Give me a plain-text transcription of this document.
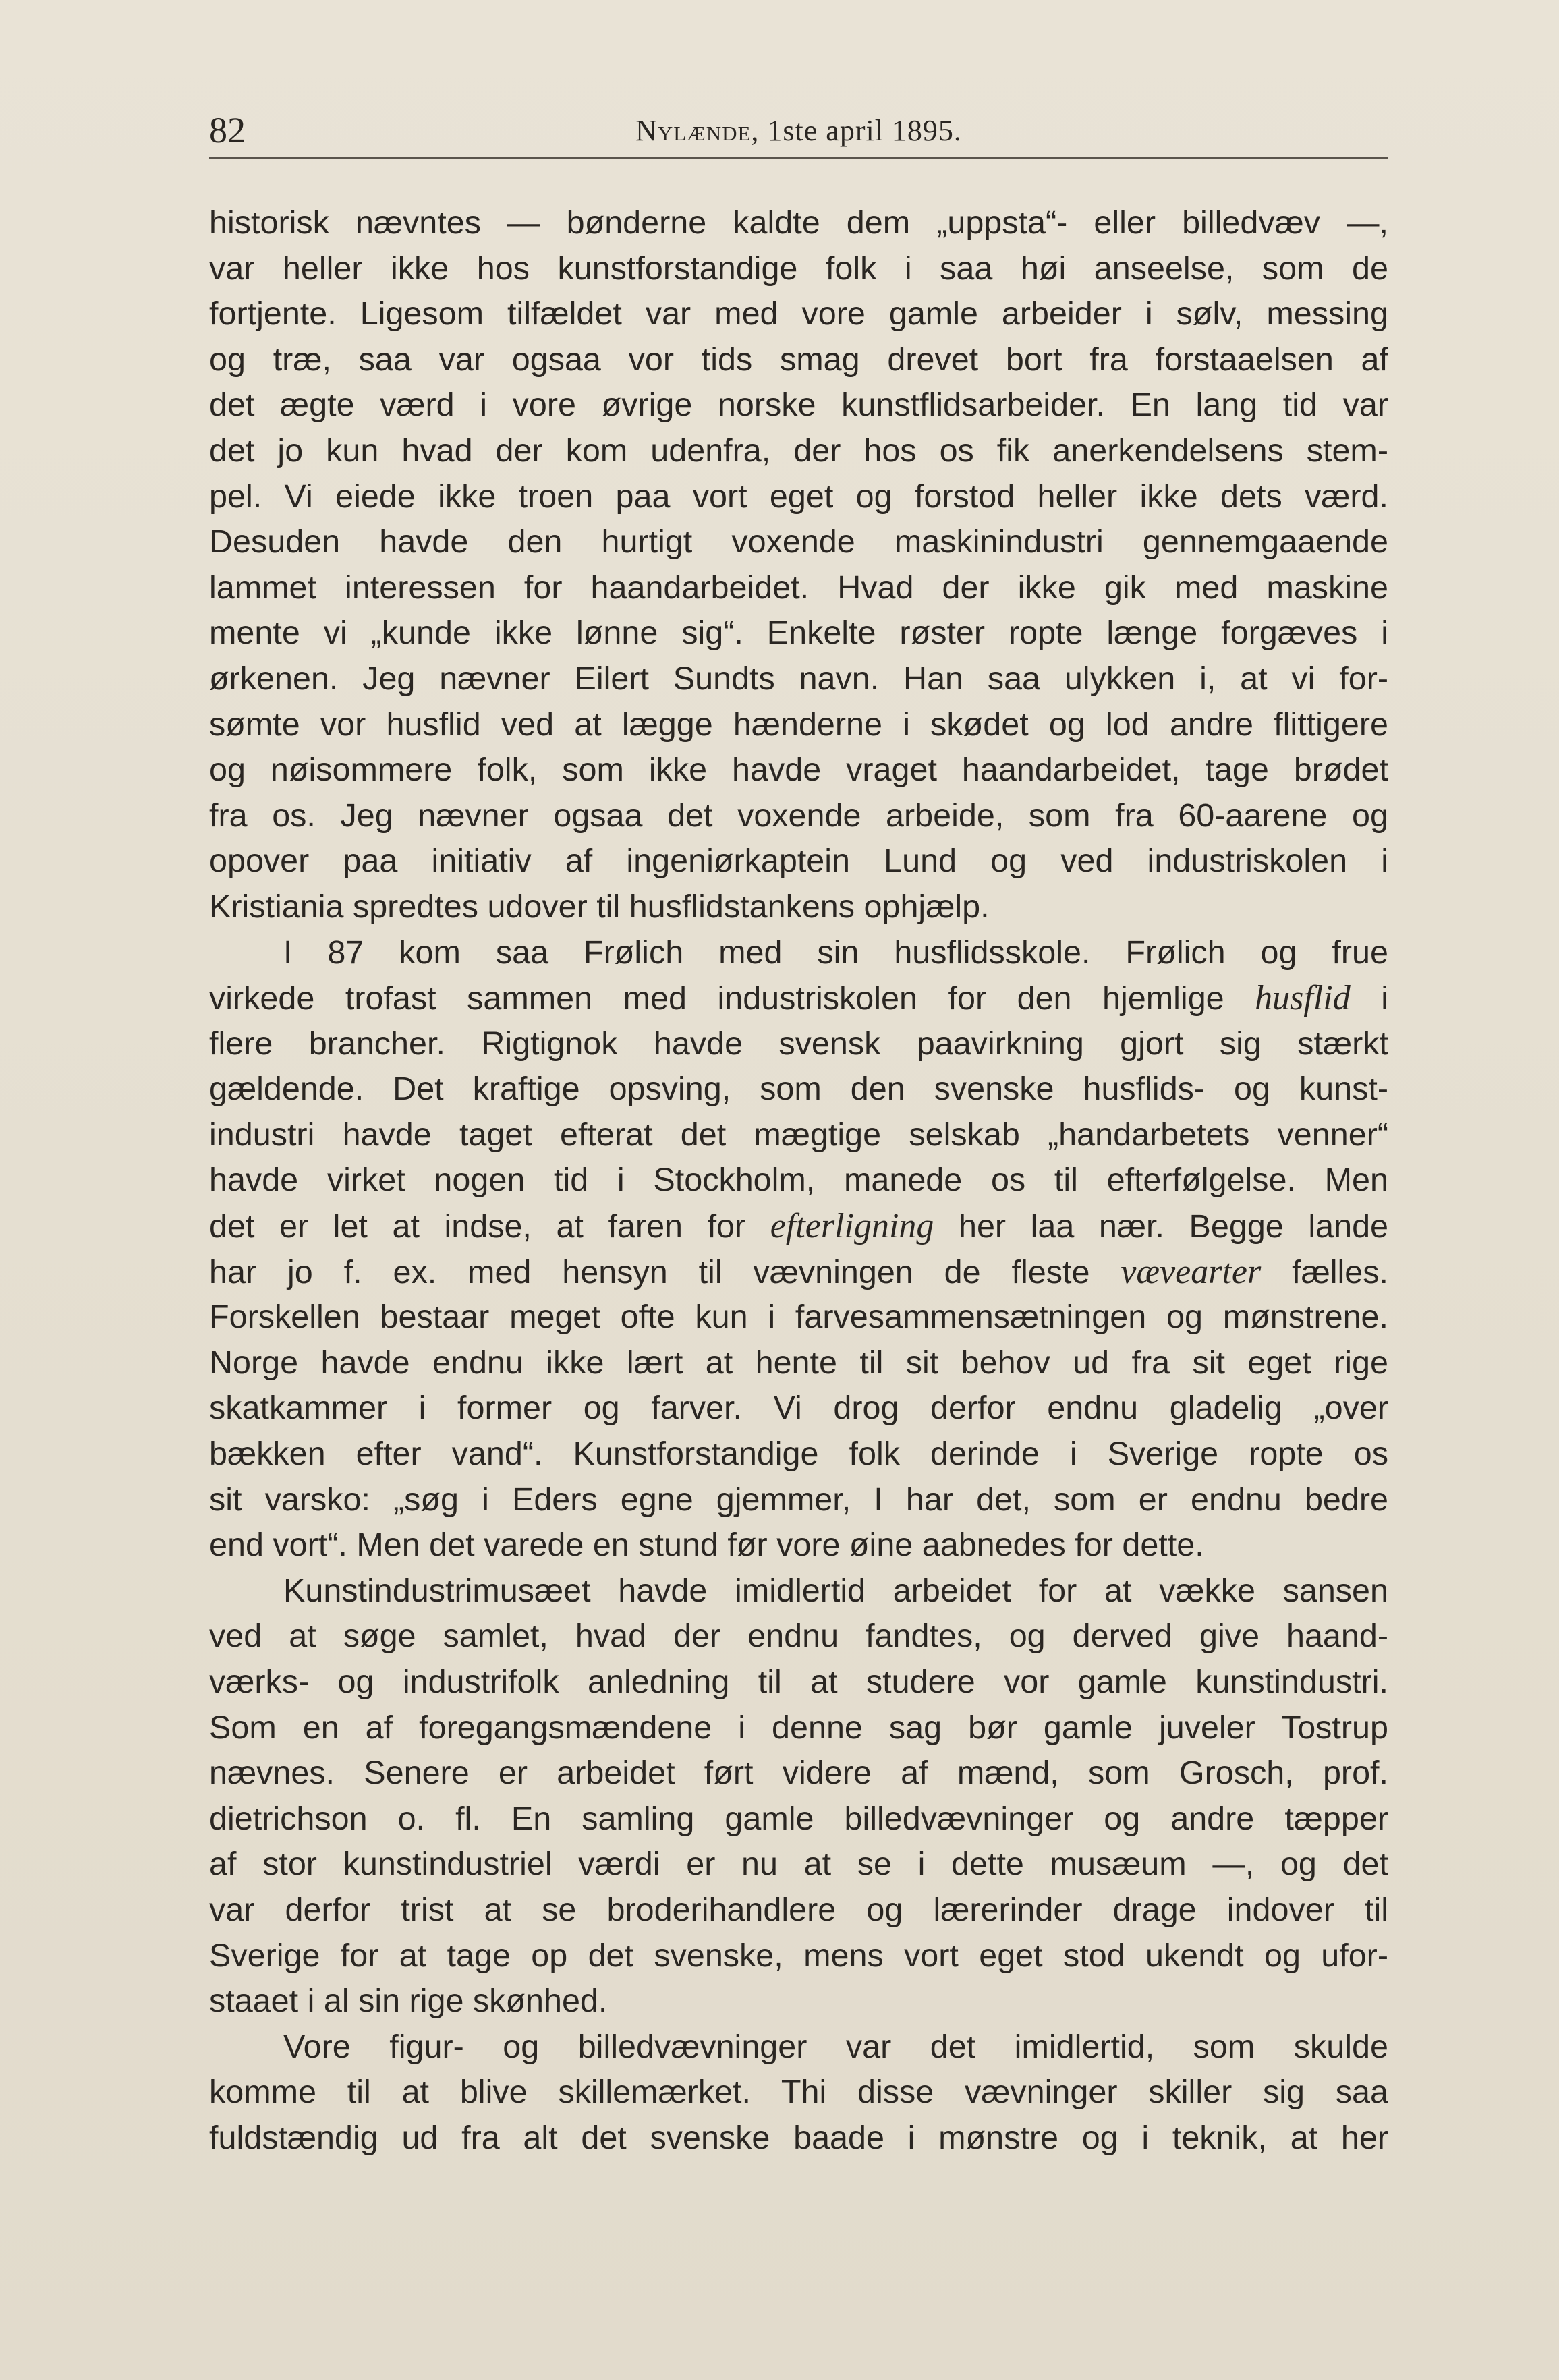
82	Nylænde, 1ste april 1895.
historisk nævntes — bønderne kaldte dem „uppsta“- eller billedvæv —,
var heller ikke hos kunstforstandige folk i saa høi anseelse, som de
fortjente. Ligesom tilfældet var med vore gamle arbeider i sølv, messing
og træ, saa var ogsaa vor tids smag drevet bort fra forstaaelsen af
det ægte værd i vore øvrige norske kunstflidsarbeider. En lang tid var
det jo kun hvad der kom udenfra, der hos os fik anerkendelsens stem-
pel. Vi eiede ikke troen paa vort eget og forstod heller ikke dets værd.
Desuden havde den hurtigt voxende maskinindustri gennemgaaende
lammet interessen for haandarbeidet. Hvad der ikke gik med maskine
mente vi „kunde ikke lønne sig“. Enkelte røster ropte længe forgæves i
ørkenen. Jeg nævner Eilert Sundts navn. Han saa ulykken i, at vi for-
sømte vor husflid ved at lægge hænderne i skødet og lod andre flittigere
og nøisommere folk, som ikke havde vraget haandarbeidet, tage brødet
fra os. Jeg nævner ogsaa det voxende arbeide, som fra 60-aarene og
opover paa initiativ af ingeniørkaptein Lund og ved industriskolen i
Kristiania spredtes udover til husflidstankens ophjælp.
I 87 kom saa Frølich med sin husflidsskole. Frølich og frue
virkede trofast sammen med industriskolen for den hjemlige husflid i
flere brancher. Rigtignok havde svensk paavirkning gjort sig stærkt
gældende. Det kraftige opsving, som den svenske husflids- og kunst-
industri havde taget efterat det mægtige selskab „handarbetets venner“
havde virket nogen tid i Stockholm, manede os til efterfølgelse. Men
det er let at indse, at faren for efterligning her laa nær. Begge lande
har jo f. ex. med hensyn til vævningen de fleste vævearter fælles.
Forskellen bestaar meget ofte kun i farvesammensætningen og mønstrene.
Norge havde endnu ikke lært at hente til sit behov ud fra sit eget rige
skatkammer i former og farver. Vi drog derfor endnu gladelig „over
bækken efter vand“. Kunstforstandige folk derinde i Sverige ropte os
sit varsko: „søg i Eders egne gjemmer, I har det, som er endnu bedre
end vort“. Men det varede en stund før vore øine aabnedes for dette.
Kunstindustrimusæet havde imidlertid arbeidet for at vække sansen
ved at søge samlet, hvad der endnu fandtes, og derved give haand-
værks- og industrifolk anledning til at studere vor gamle kunstindustri.
Som en af foregangsmændene i denne sag bør gamle juveler Tostrup
nævnes. Senere er arbeidet ført videre af mænd, som Grosch, prof.
dietrichson o. fl. En samling gamle billedvævninger og andre tæpper
af stor kunstindustriel værdi er nu at se i dette musæum —, og det
var derfor trist at se broderihandlere og lærerinder drage indover til
Sverige for at tage op det svenske, mens vort eget stod ukendt og ufor-
staaet i al sin rige skønhed.
Vore figur- og billedvævninger var det imidlertid, som skulde
komme til at blive skillemærket. Thi disse vævninger skiller sig saa
fuldstændig ud fra alt det svenske baade i mønstre og i teknik, at her
